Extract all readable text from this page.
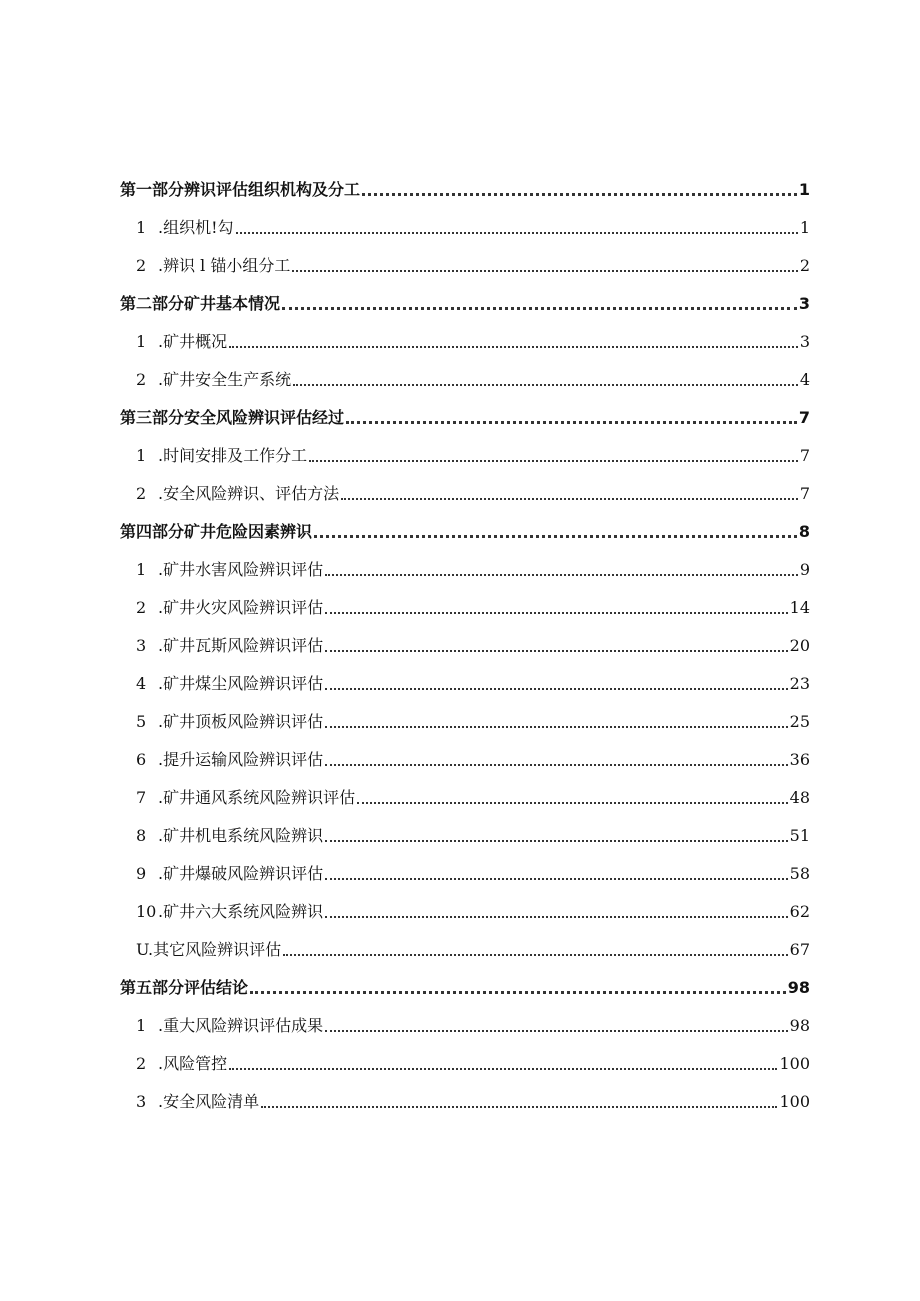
第一部分辨识评估组织机构及分工	1
1 .组织机!勾	1
2 .辨识 l 锚小组分工	2
第二部分矿井基本情况	3
1 .矿井概况	3
2 .矿井安全生产系统	4
第三部分安全风险辨识评估经过	7
1 .时间安排及工作分工	7
2 .安全风险辨识、评估方法	7
第四部分矿井危险因素辨识	8
1 .矿井水害风险辨识评估	9
2 .矿井火灾风险辨识评估	14
3 .矿井瓦斯风险辨识评估	20
4 .矿井煤尘风险辨识评估	23
5 .矿井顶板风险辨识评估	25
6 .提升运输风险辨识评估	36
7 .矿井通风系统风险辨识评估	48
8 .矿井机电系统风险辨识	51
9 .矿井爆破风险辨识评估	58
10 .矿井六大系统风险辨识	62
U.其它风险辨识评估	67
第五部分评估结论	98
1 .重大风险辨识评估成果	98
2 .风险管控	100
3 .安全风险清单	100
